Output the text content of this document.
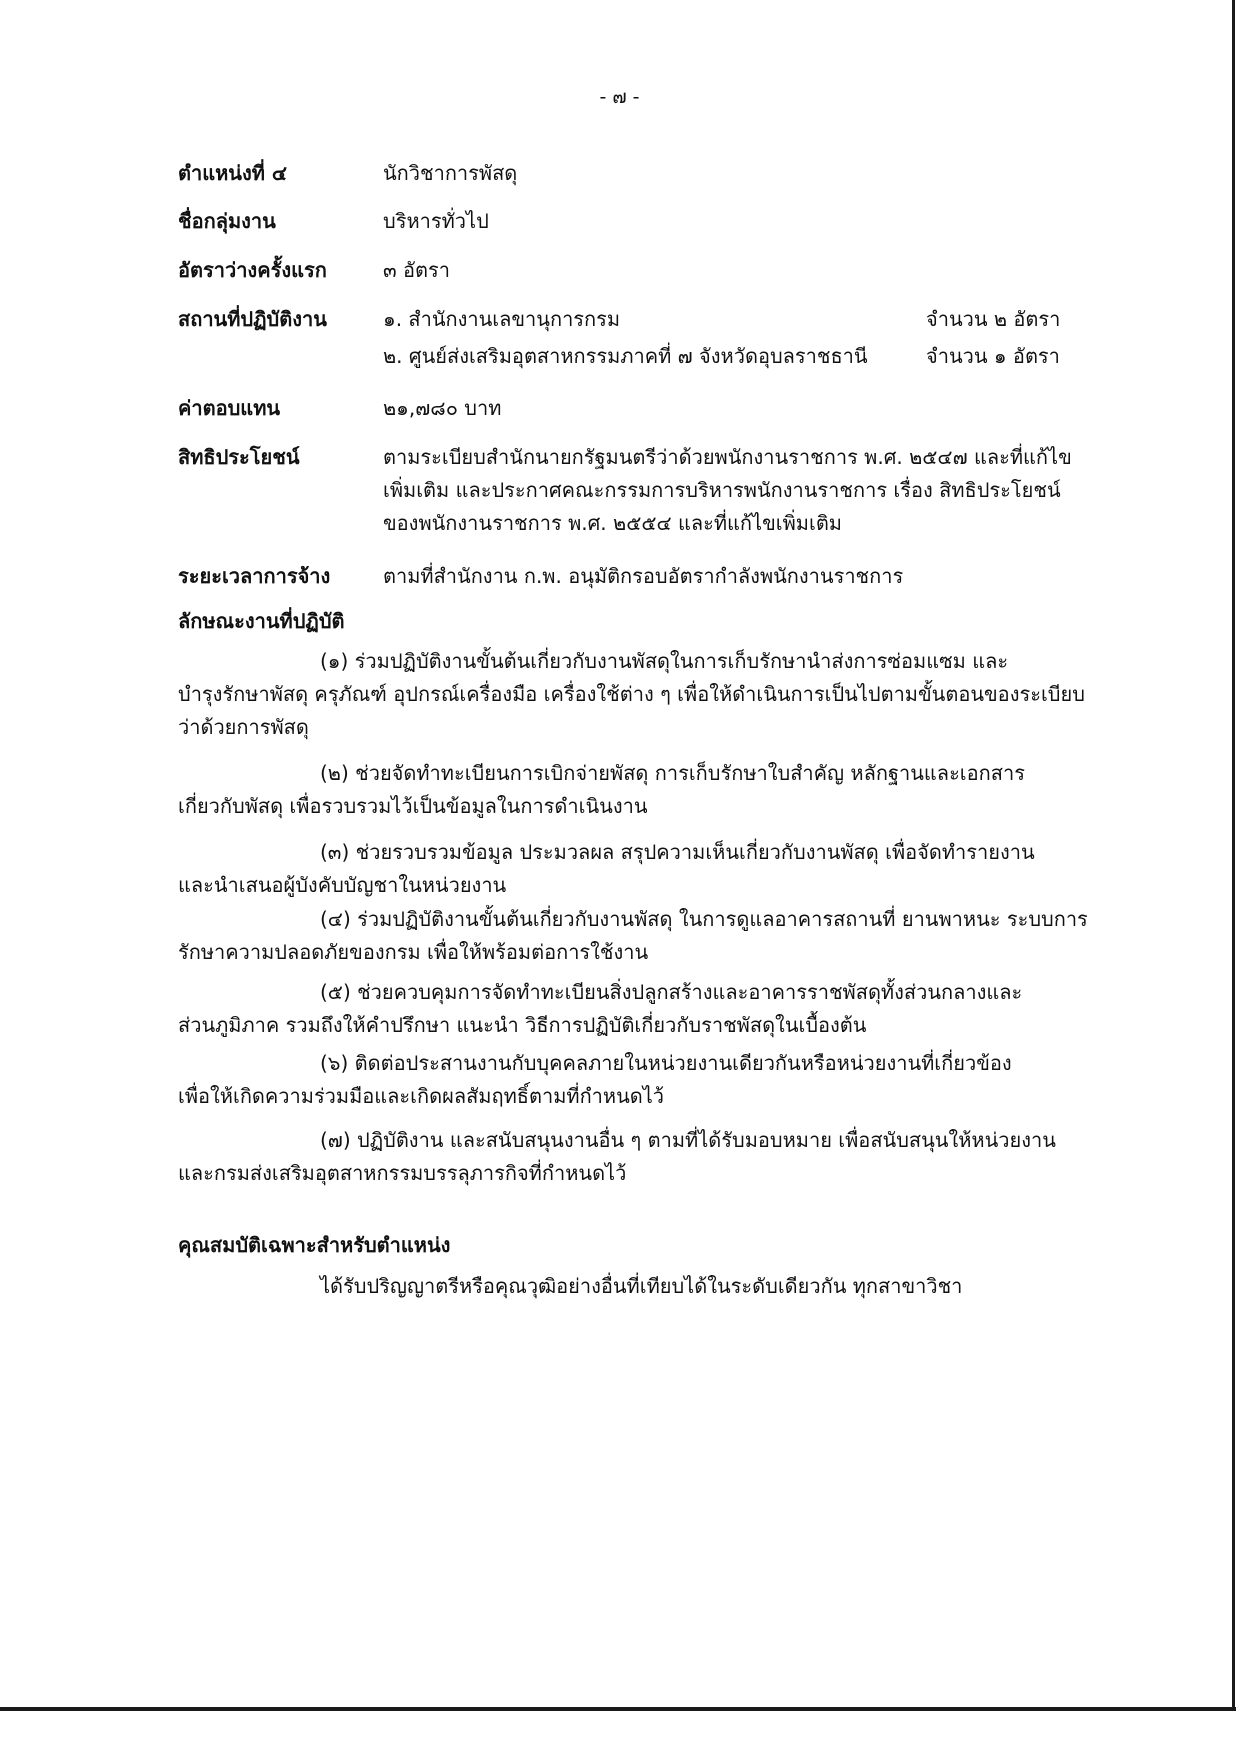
- ๗ -
ตำแหน่งที่ ๔	นักวิชาการพัสดุ
ชื่อกลุ่มงาน	บริหารทั่วไป
อัตราว่างครั้งแรก	๓ อัตรา
สถานที่ปฏิบัติงาน	๑. สำนักงานเลขานุการกรม	จำนวน ๒ อัตรา
๒. ศูนย์ส่งเสริมอุตสาหกรรมภาคที่ ๗ จังหวัดอุบลราชธานี	จำนวน ๑ อัตรา
ค่าตอบแทน	๒๑,๗๘๐ บาท
สิทธิประโยชน์	ตามระเบียบสำนักนายกรัฐมนตรีว่าด้วยพนักงานราชการ พ.ศ. ๒๕๔๗ และที่แก้ไข
เพิ่มเติม และประกาศคณะกรรมการบริหารพนักงานราชการ เรื่อง สิทธิประโยชน์
ของพนักงานราชการ พ.ศ. ๒๕๕๔ และที่แก้ไขเพิ่มเติม
ระยะเวลาการจ้าง	ตามที่สำนักงาน ก.พ. อนุมัติกรอบอัตรากำลังพนักงานราชการ
ลักษณะงานที่ปฏิบัติ
(๑) ร่วมปฏิบัติงานขั้นต้นเกี่ยวกับงานพัสดุในการเก็บรักษานำส่งการซ่อมแซม และ
บำรุงรักษาพัสดุ ครุภัณฑ์ อุปกรณ์เครื่องมือ เครื่องใช้ต่าง ๆ เพื่อให้ดำเนินการเป็นไปตามขั้นตอนของระเบียบ
ว่าด้วยการพัสดุ
(๒) ช่วยจัดทำทะเบียนการเบิกจ่ายพัสดุ การเก็บรักษาใบสำคัญ หลักฐานและเอกสาร
เกี่ยวกับพัสดุ เพื่อรวบรวมไว้เป็นข้อมูลในการดำเนินงาน
(๓) ช่วยรวบรวมข้อมูล ประมวลผล สรุปความเห็นเกี่ยวกับงานพัสดุ เพื่อจัดทำรายงาน
และนำเสนอผู้บังคับบัญชาในหน่วยงาน
(๔) ร่วมปฏิบัติงานขั้นต้นเกี่ยวกับงานพัสดุ ในการดูแลอาคารสถานที่ ยานพาหนะ ระบบการ
รักษาความปลอดภัยของกรม เพื่อให้พร้อมต่อการใช้งาน
(๕) ช่วยควบคุมการจัดทำทะเบียนสิ่งปลูกสร้างและอาคารราชพัสดุทั้งส่วนกลางและ
ส่วนภูมิภาค รวมถึงให้คำปรึกษา แนะนำ วิธีการปฏิบัติเกี่ยวกับราชพัสดุในเบื้องต้น
(๖) ติดต่อประสานงานกับบุคคลภายในหน่วยงานเดียวกันหรือหน่วยงานที่เกี่ยวข้อง
เพื่อให้เกิดความร่วมมือและเกิดผลสัมฤทธิ์ตามที่กำหนดไว้
(๗) ปฏิบัติงาน และสนับสนุนงานอื่น ๆ ตามที่ได้รับมอบหมาย เพื่อสนับสนุนให้หน่วยงาน
และกรมส่งเสริมอุตสาหกรรมบรรลุภารกิจที่กำหนดไว้
คุณสมบัติเฉพาะสำหรับตำแหน่ง
ได้รับปริญญาตรีหรือคุณวุฒิอย่างอื่นที่เทียบได้ในระดับเดียวกัน ทุกสาขาวิชา
